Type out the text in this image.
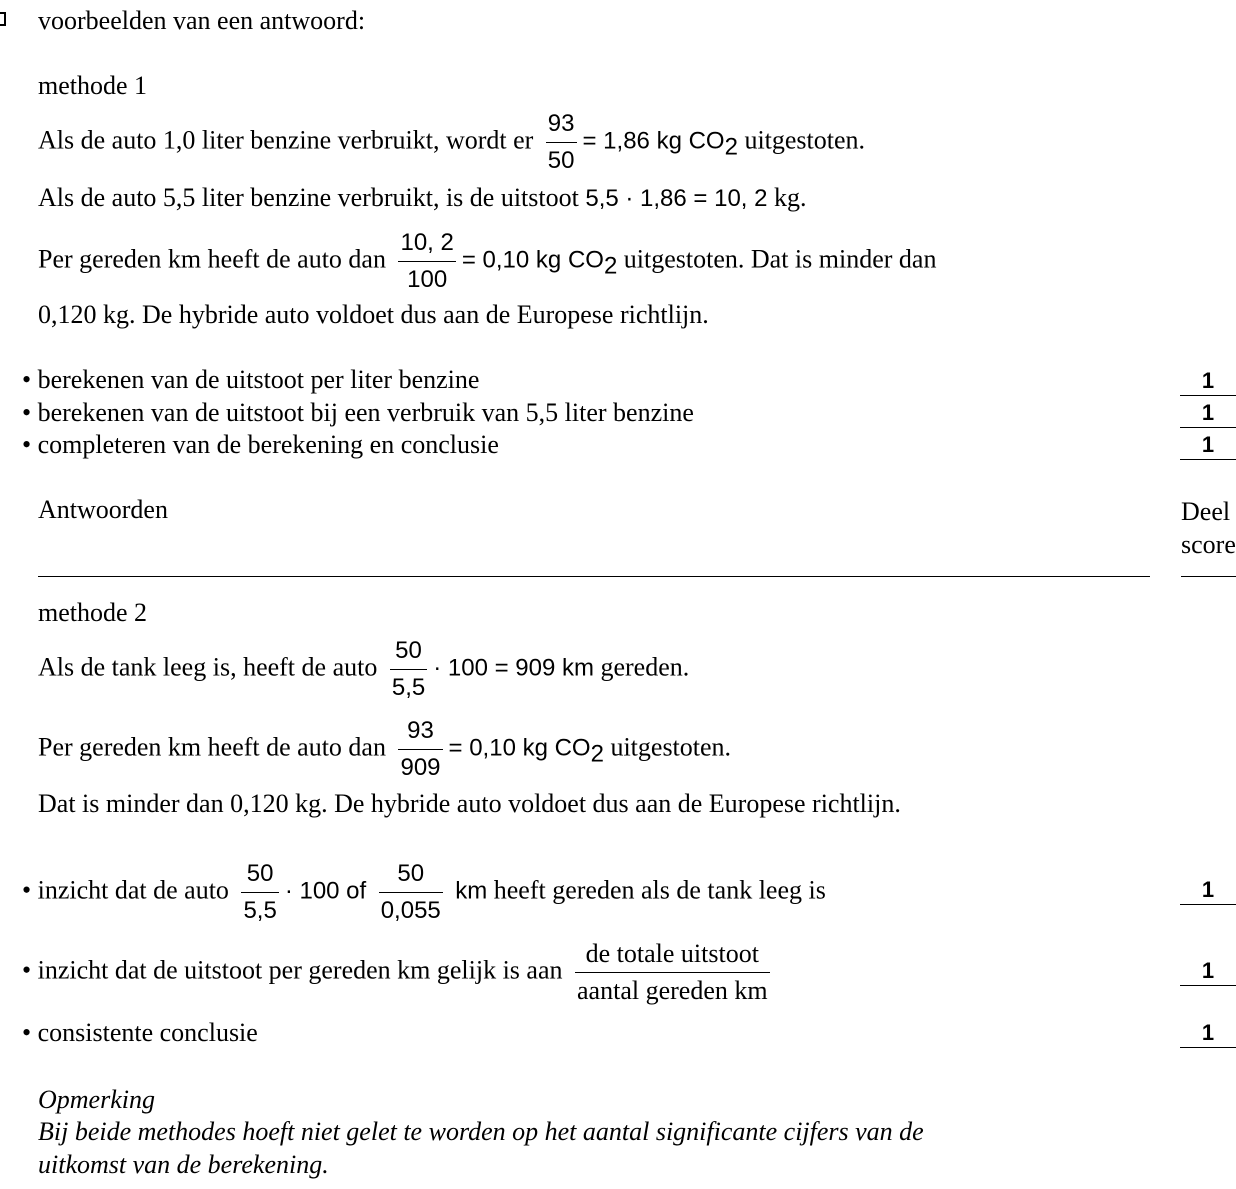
voorbeelden van een antwoord:
methode 1
Als de auto 1,0 liter benzine verbruikt, wordt er $\frac{93}{50} = 1,86$ kg $CO_2$ uitgestoten.
Als de auto 5,5 liter benzine verbruikt, is de uitstoot 5,5 · 1,86 = 10, 2 kg.
Per gereden km heeft de auto dan $\frac{10, 2}{100} = 0,10$ kg $CO_2$ uitgestoten. Dat is minder dan
0,120 kg. De hybride auto voldoet dus aan de Europese richtlijn.
• berekenen van de uitstoot per liter benzine	1
• berekenen van de uitstoot bij een verbruik van 5,5 liter benzine	1
• completeren van de berekening en conclusie	1
Antwoorden	Deel
score
methode 2
Als de tank leeg is, heeft de auto $\frac{50}{5,5} \cdot 100 = 909$ km gereden.
Per gereden km heeft de auto dan $\frac{93}{909} = 0,10$ kg $CO_2$ uitgestoten.
Dat is minder dan 0,120 kg. De hybride auto voldoet dus aan de Europese richtlijn.
• inzicht dat de auto $\frac{50}{5,5} \cdot 100$ of $\frac{50}{0,055}$ km heeft gereden als de tank leeg is	1
• inzicht dat de uitstoot per gereden km gelijk is aan $\frac{\text{de totale uitstoot}}{\text{aantal gereden km}}$	1
• consistente conclusie	1
Opmerking
Bij beide methodes hoeft niet gelet te worden op het aantal significante cijfers van de
uitkomst van de berekening.
